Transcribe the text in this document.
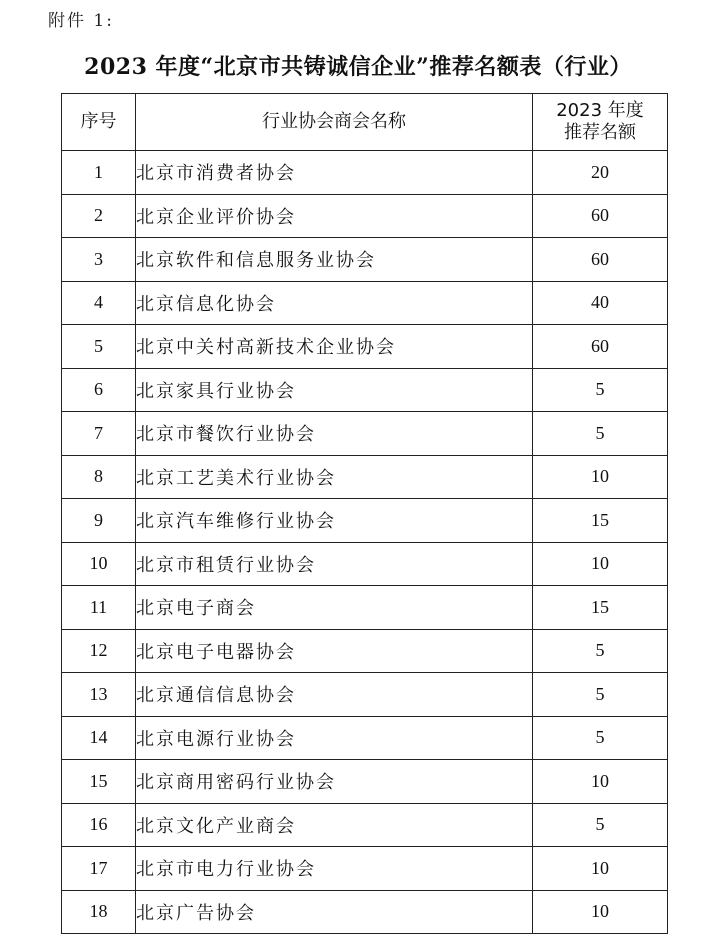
附件 1:
2023 年度“北京市共铸诚信企业”推荐名额表（行业）
序号	行业协会商会名称	2023 年度
推荐名额

1	北京市消费者协会	20
2	北京企业评价协会	60
3	北京软件和信息服务业协会	60
4	北京信息化协会	40
5	北京中关村高新技术企业协会	60
6	北京家具行业协会	5
7	北京市餐饮行业协会	5
8	北京工艺美术行业协会	10
9	北京汽车维修行业协会	15
10	北京市租赁行业协会	10
11	北京电子商会	15
12	北京电子电器协会	5
13	北京通信信息协会	5
14	北京电源行业协会	5
15	北京商用密码行业协会	10
16	北京文化产业商会	5
17	北京市电力行业协会	10
18	北京广告协会	10
